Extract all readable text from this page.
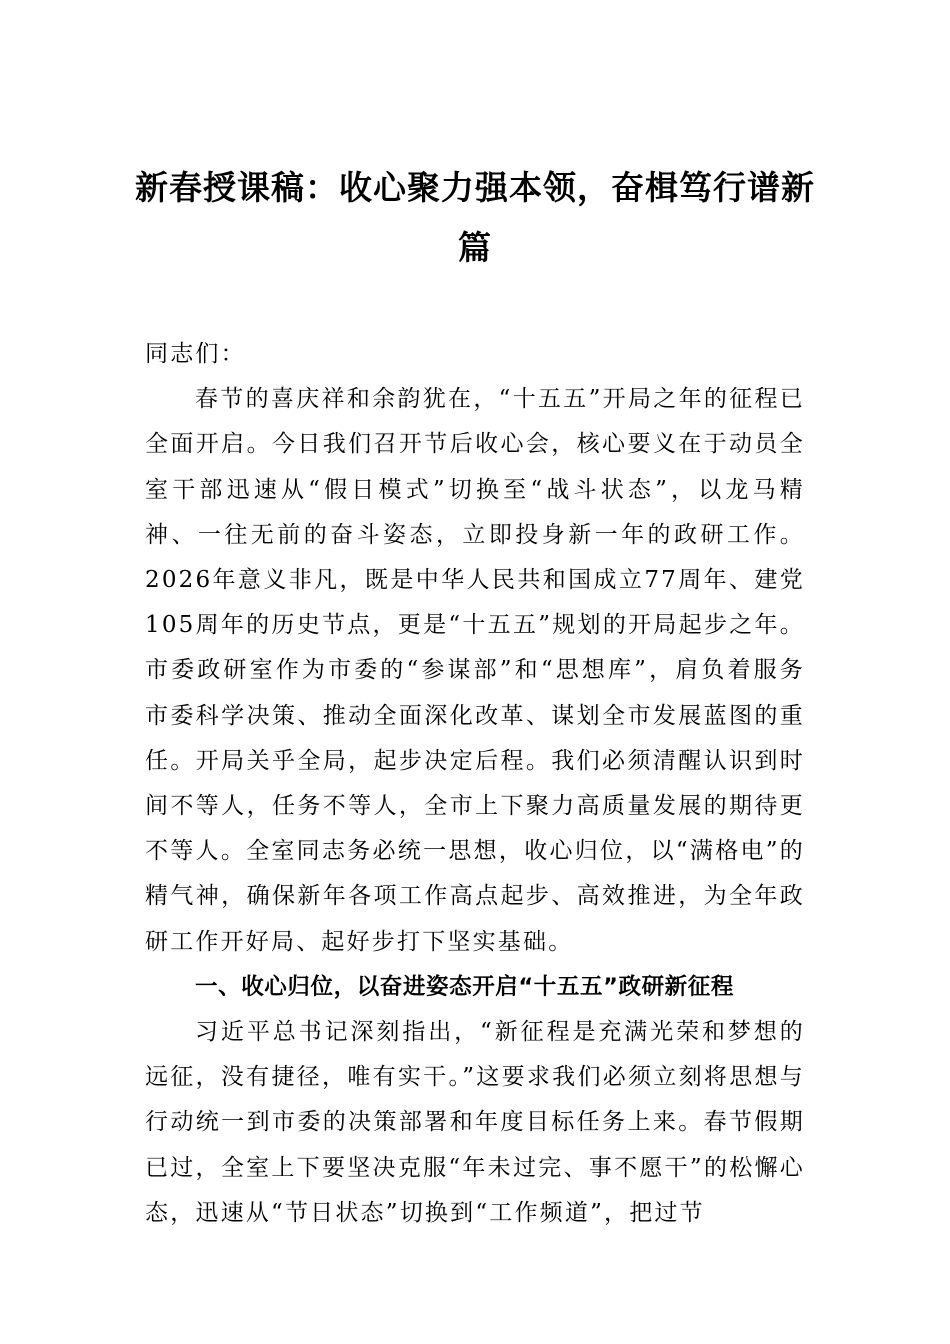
新春授课稿：收心聚力强本领，奋楫笃行谱新篇

同志们：

春节的喜庆祥和余韵犹在，“十五五”开局之年的征程已全面开启。今日我们召开节后收心会，核心要义在于动员全室干部迅速从“假日模式”切换至“战斗状态”，以龙马精神、一往无前的奋斗姿态，立即投身新一年的政研工作。2026年意义非凡，既是中华人民共和国成立77周年、建党105周年的历史节点，更是“十五五”规划的开局起步之年。市委政研室作为市委的“参谋部”和“思想库”，肩负着服务市委科学决策、推动全面深化改革、谋划全市发展蓝图的重任。开局关乎全局，起步决定后程。我们必须清醒认识到时间不等人，任务不等人，全市上下聚力高质量发展的期待更不等人。全室同志务必统一思想，收心归位，以“满格电”的精气神，确保新年各项工作高点起步、高效推进，为全年政研工作开好局、起好步打下坚实基础。

一、收心归位，以奋进姿态开启“十五五”政研新征程

习近平总书记深刻指出，“新征程是充满光荣和梦想的远征，没有捷径，唯有实干。”这要求我们必须立刻将思想与行动统一到市委的决策部署和年度目标任务上来。春节假期已过，全室上下要坚决克服“年未过完、事不愿干”的松懈心态，迅速从“节日状态”切换到“工作频道”，把过节
